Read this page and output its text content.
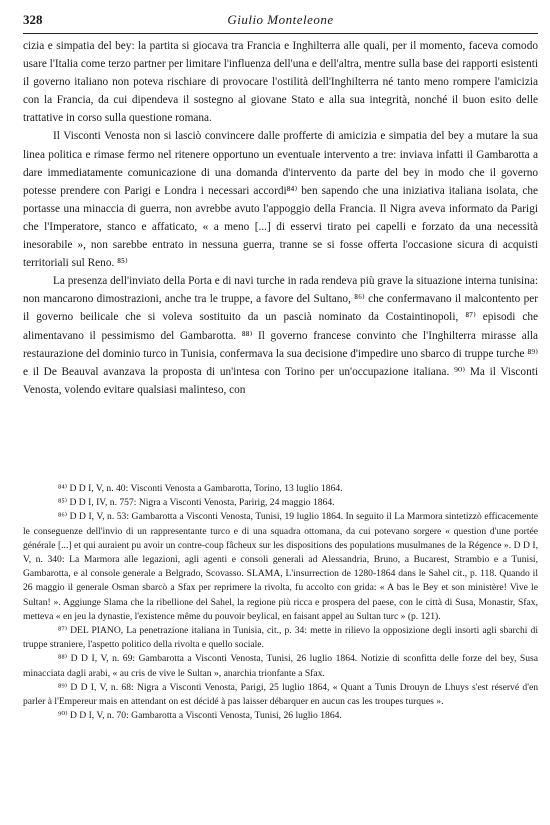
328	Giulio Monteleone

cizia e simpatia del bey: la partita si giocava tra Francia e Inghilterra alle quali, per il momento, faceva comodo usare l'Italia come terzo partner per limitare l'influenza dell'una e dell'altra, mentre sulla base dei rapporti esistenti il governo italiano non poteva rischiare di provocare l'ostilità dell'Inghilterra né tanto meno rompere l'amicizia con la Francia, da cui dipendeva il sostegno al giovane Stato e alla sua integrità, nonché il buon esito delle trattative in corso sulla questione romana.

Il Visconti Venosta non si lasciò convincere dalle profferte di amicizia e simpatia del bey a mutare la sua linea politica e rimase fermo nel ritenere opportuno un eventuale intervento a tre: inviava infatti il Gambarotta a dare immediatamente comunicazione di una domanda d'intervento da parte del bey in modo che il governo potesse prendere con Parigi e Londra i necessari accordi⁸⁴⁾ ben sapendo che una iniziativa italiana isolata, che portasse una minaccia di guerra, non avrebbe avuto l'appoggio della Francia. Il Nigra aveva informato da Parigi che l'Imperatore, stanco e affaticato, « a meno [...] di esservi tirato pei capelli e forzato da una necessità inesorabile », non sarebbe entrato in nessuna guerra, tranne se si fosse offerta l'occasione sicura di acquisti territoriali sul Reno. ⁸⁵⁾

La presenza dell'inviato della Porta e di navi turche in rada rendeva più grave la situazione interna tunisina: non mancarono dimostrazioni, anche tra le truppe, a favore del Sultano, ⁸⁶⁾ che confermavano il malcontento per il governo beilicale che si voleva sostituito da un pascià nominato da Costaintinopoli, ⁸⁷⁾ episodi che alimentavano il pessimismo del Gambarotta. ⁸⁸⁾ Il governo francese convinto che l'Inghilterra mirasse alla restaurazione del dominio turco in Tunisia, confermava la sua decisione d'impedire uno sbarco di truppe turche ⁸⁹⁾ e il De Beauval avanzava la proposta di un'intesa con Torino per un'occupazione italiana. ⁹⁰⁾ Ma il Visconti Venosta, volendo evitare qualsiasi malinteso, con

⁸⁴⁾ D D I, V, n. 40: Visconti Venosta a Gambarotta, Torino, 13 luglio 1864.

⁸⁵⁾ D D I, IV, n. 757: Nigra a Visconti Venosta, Paririg, 24 maggio 1864.

⁸⁶⁾ D D I, V, n. 53: Gambarotta a Visconti Venosta, Tunisi, 19 luglio 1864. In seguito il La Marmora sintetizzò efficacemente le conseguenze dell'invio di un rappresentante turco e di una squadra ottomana, da cui potevano sorgere « question d'une portée générale [...] et qui auraient pu avoir un contre-coup fâcheux sur les dispositions des populations musulmanes de la Régence ». D D I, V, n. 340: La Marmora alle legazioni, agli agenti e consoli generali ad Alessandria, Bruno, a Bucarest, Strambio e a Tunisi, Gambarotta, e al console generale a Belgrado, Scovasso. SLAMA, L'insurrection de 1280-1864 dans le Sahel cit., p. 118. Quando il 26 maggio il generale Osman sbarcò a Sfax per reprimere la rivolta, fu accolto con grida: « A bas le Bey et son ministère! Vive le Sultan! ». Aggiunge Slama che la ribellione del Sahel, la regione più ricca e prospera del paese, con le città di Susa, Monastir, Sfax, metteva « en jeu la dynastie, l'existence même du pouvoir beylical, en faisant appel au Sultan turc » (p. 121).

⁸⁷⁾ DEL PIANO, La penetrazione italiana in Tunisia, cit., p. 34: mette in rilievo la opposizione degli insorti agli sbarchi di truppe straniere, l'aspetto politico della rivolta e quello sociale.

⁸⁸⁾ D D I, V, n. 69: Gambarotta a Visconti Venosta, Tunisi, 26 luglio 1864. Notizie di sconfitta delle forze del bey, Susa minacciata dagli arabi, « au cris de vive le Sultan », anarchia trionfante a Sfax.

⁸⁹⁾ D D I, V, n. 68: Nigra a Visconti Venosta, Parigi, 25 luglio 1864, « Quant a Tunis Drouyn de Lhuys s'est réservé d'en parler à l'Empereur mais en attendant on est décidé à pas laisser débarquer en aucun cas les troupes turques ».

⁹⁰⁾ D D I, V, n. 70: Gambarotta a Visconti Venosta, Tunisi, 26 luglio 1864.
